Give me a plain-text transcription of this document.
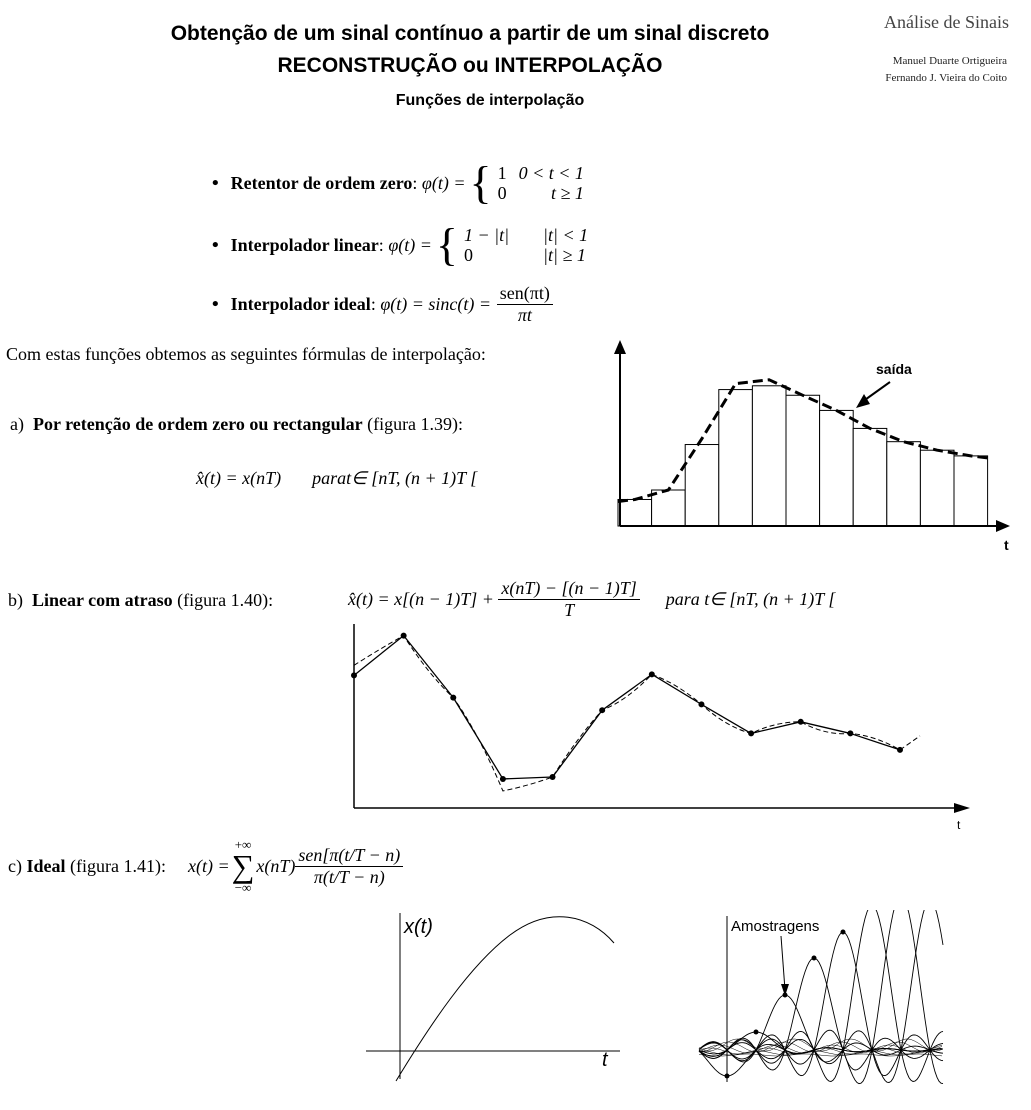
Obtenção de um sinal contínuo a partir de um sinal discreto
RECONSTRUÇÃO ou INTERPOLAÇÃO
Funções de interpolação
Análise de Sinais
Manuel Duarte Ortigueira
Fernando J. Vieira do Coito
• Retentor de ordem zero : φ(t) = { 1	0 < t < 1
0	t ≥ 1
• Interpolador linear : φ(t) = { 1 − |t|	|t| < 1
0	|t| ≥ 1
• Interpolador ideal : φ(t) = sinc(t) =
$\frac{\text{sen(πt)}}{\pi t}$
Com estas funções obtemos as seguintes fórmulas de interpolação:
a) Por retenção de ordem zero ou rectangular (figura 1.39):
x̂(t) = x(nT) parat∈ [nT, (n + 1)T [
saída
t
b) Linear com atraso (figura 1.40):	x̂(t) = x[(n − 1)T] +
$\frac{x(nT) - [(n - 1)T]}{T}$ para t∈ [nT, (n + 1)T [
t
c)
Ideal
(figura 1.41): x(t) =
+∞
∑
−∞
$x(nT) \frac{\text{sen[π(t/T − n)}}{\pi(t/T - n)}$
x(t)
t
Amostragens
